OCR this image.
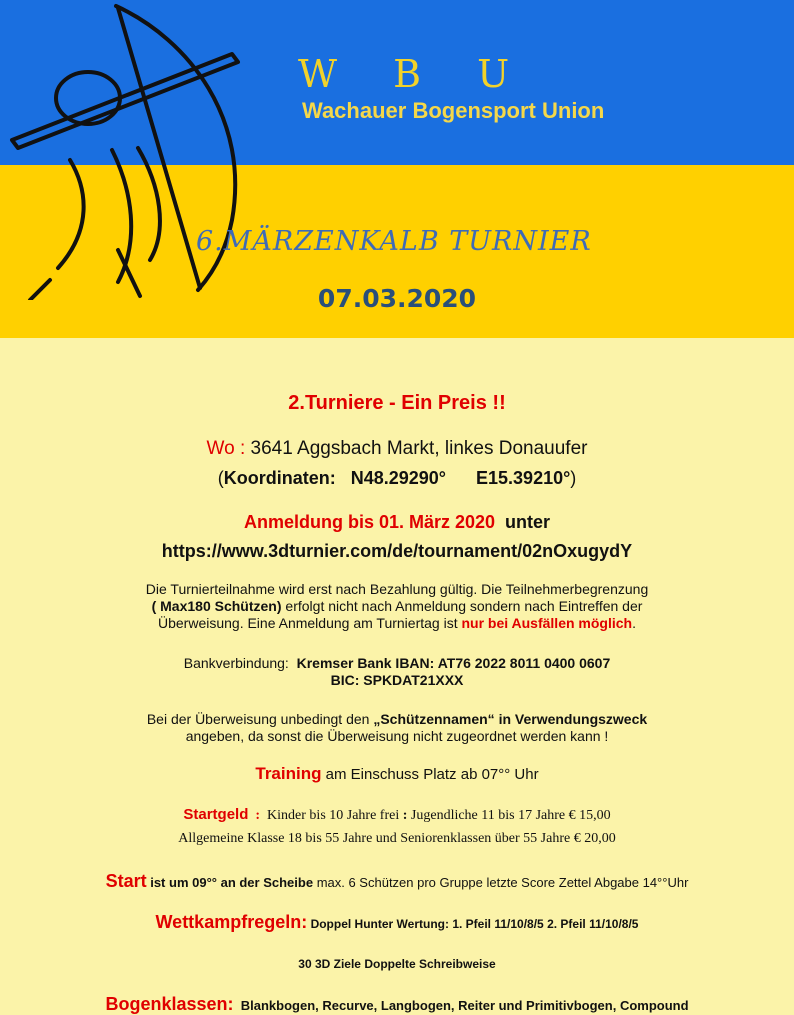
W B U
Wachauer Bogensport Union
6.MÄRZENKALB TURNIER
07.03.2020
2.Turniere - Ein Preis !!
Wo : 3641 Aggsbach Markt, linkes Donauufer
(Koordinaten: N48.29290° E15.39210°)
Anmeldung bis 01. März 2020 unter
https://www.3dturnier.com/de/tournament/02nOxugydY
Die Turnierteilnahme wird erst nach Bezahlung gültig. Die Teilnehmerbegrenzung
( Max180 Schützen) erfolgt nicht nach Anmeldung sondern nach Eintreffen der
Überweisung. Eine Anmeldung am Turniertag ist nur bei Ausfällen möglich.
Bankverbindung: Kremser Bank IBAN: AT76 2022 8011 0400 0607
BIC: SPKDAT21XXX
Bei der Überweisung unbedingt den „Schützennamen“ in Verwendungszweck
angeben, da sonst die Überweisung nicht zugeordnet werden kann !
Training am Einschuss Platz ab 07°° Uhr
Startgeld : Kinder bis 10 Jahre frei : Jugendliche 11 bis 17 Jahre € 15,00
Allgemeine Klasse 18 bis 55 Jahre und Seniorenklassen über 55 Jahre € 20,00
Start ist um 09°° an der Scheibe max. 6 Schützen pro Gruppe letzte Score Zettel Abgabe 14°°Uhr
Wettkampfregeln: Doppel Hunter Wertung: 1. Pfeil 11/10/8/5 2. Pfeil 11/10/8/5
30 3D Ziele Doppelte Schreibweise
Bogenklassen: Blankbogen, Recurve, Langbogen, Reiter und Primitivbogen, Compound
